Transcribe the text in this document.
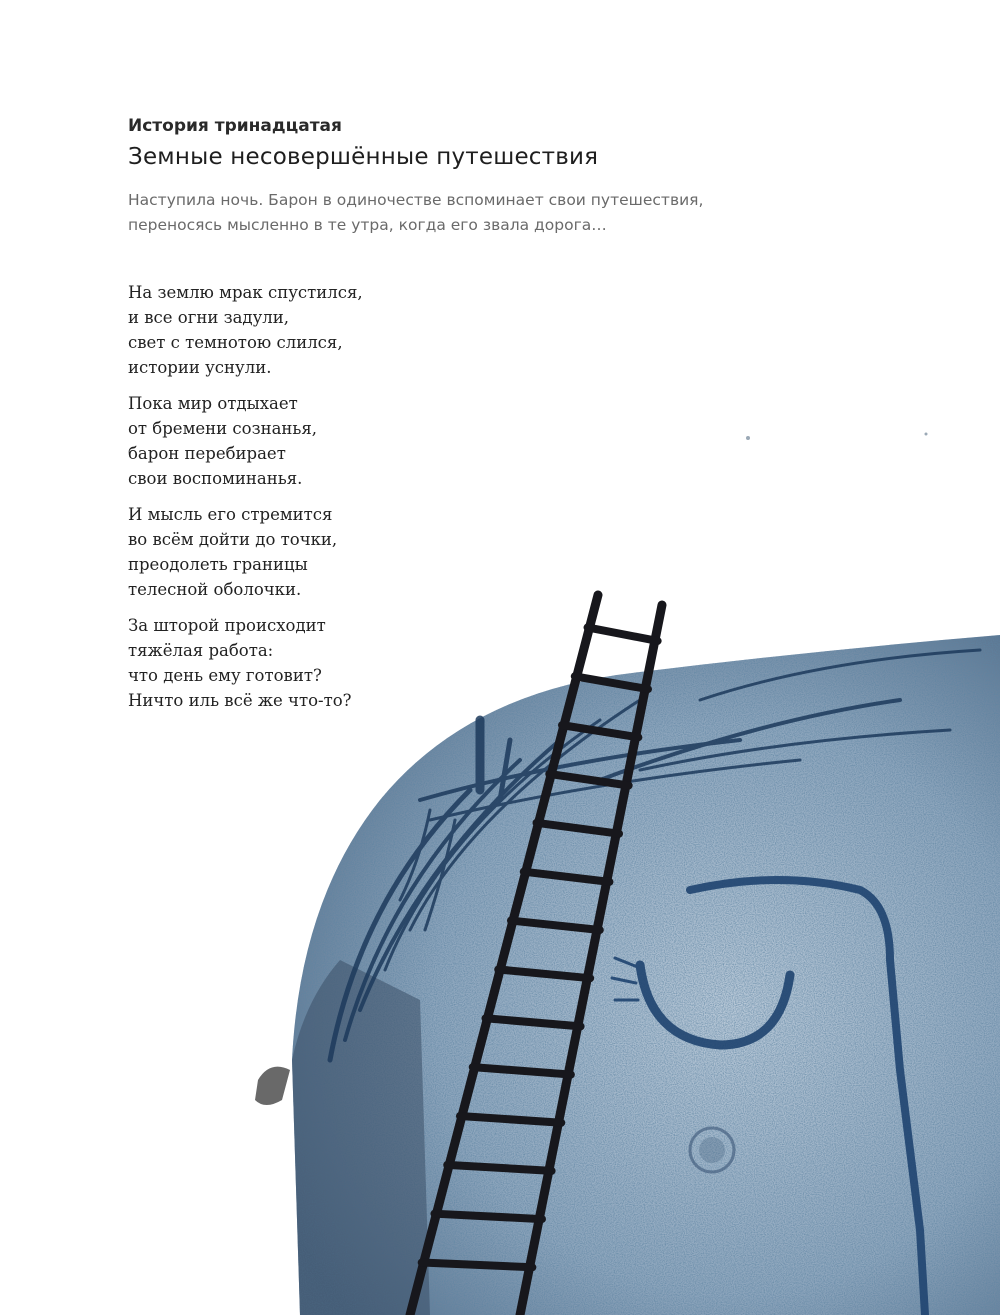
История тринадцатая

Земные несовершённые путешествия

Наступила ночь. Барон в одиночестве вспоминает свои путешествия,
переносясь мысленно в те утра, когда его звала дорога…

На землю мрак спустился,
и все огни задули,
свет с темнотою слился,
истории уснули.

Пока мир отдыхает
от бремени сознанья,
барон перебирает
свои воспоминанья.

И мысль его стремится
во всём дойти до точки,
преодолеть границы
телесной оболочки.

За шторой происходит
тяжёлая работа:
что день ему готовит?
Ничто иль всё же что-то?
